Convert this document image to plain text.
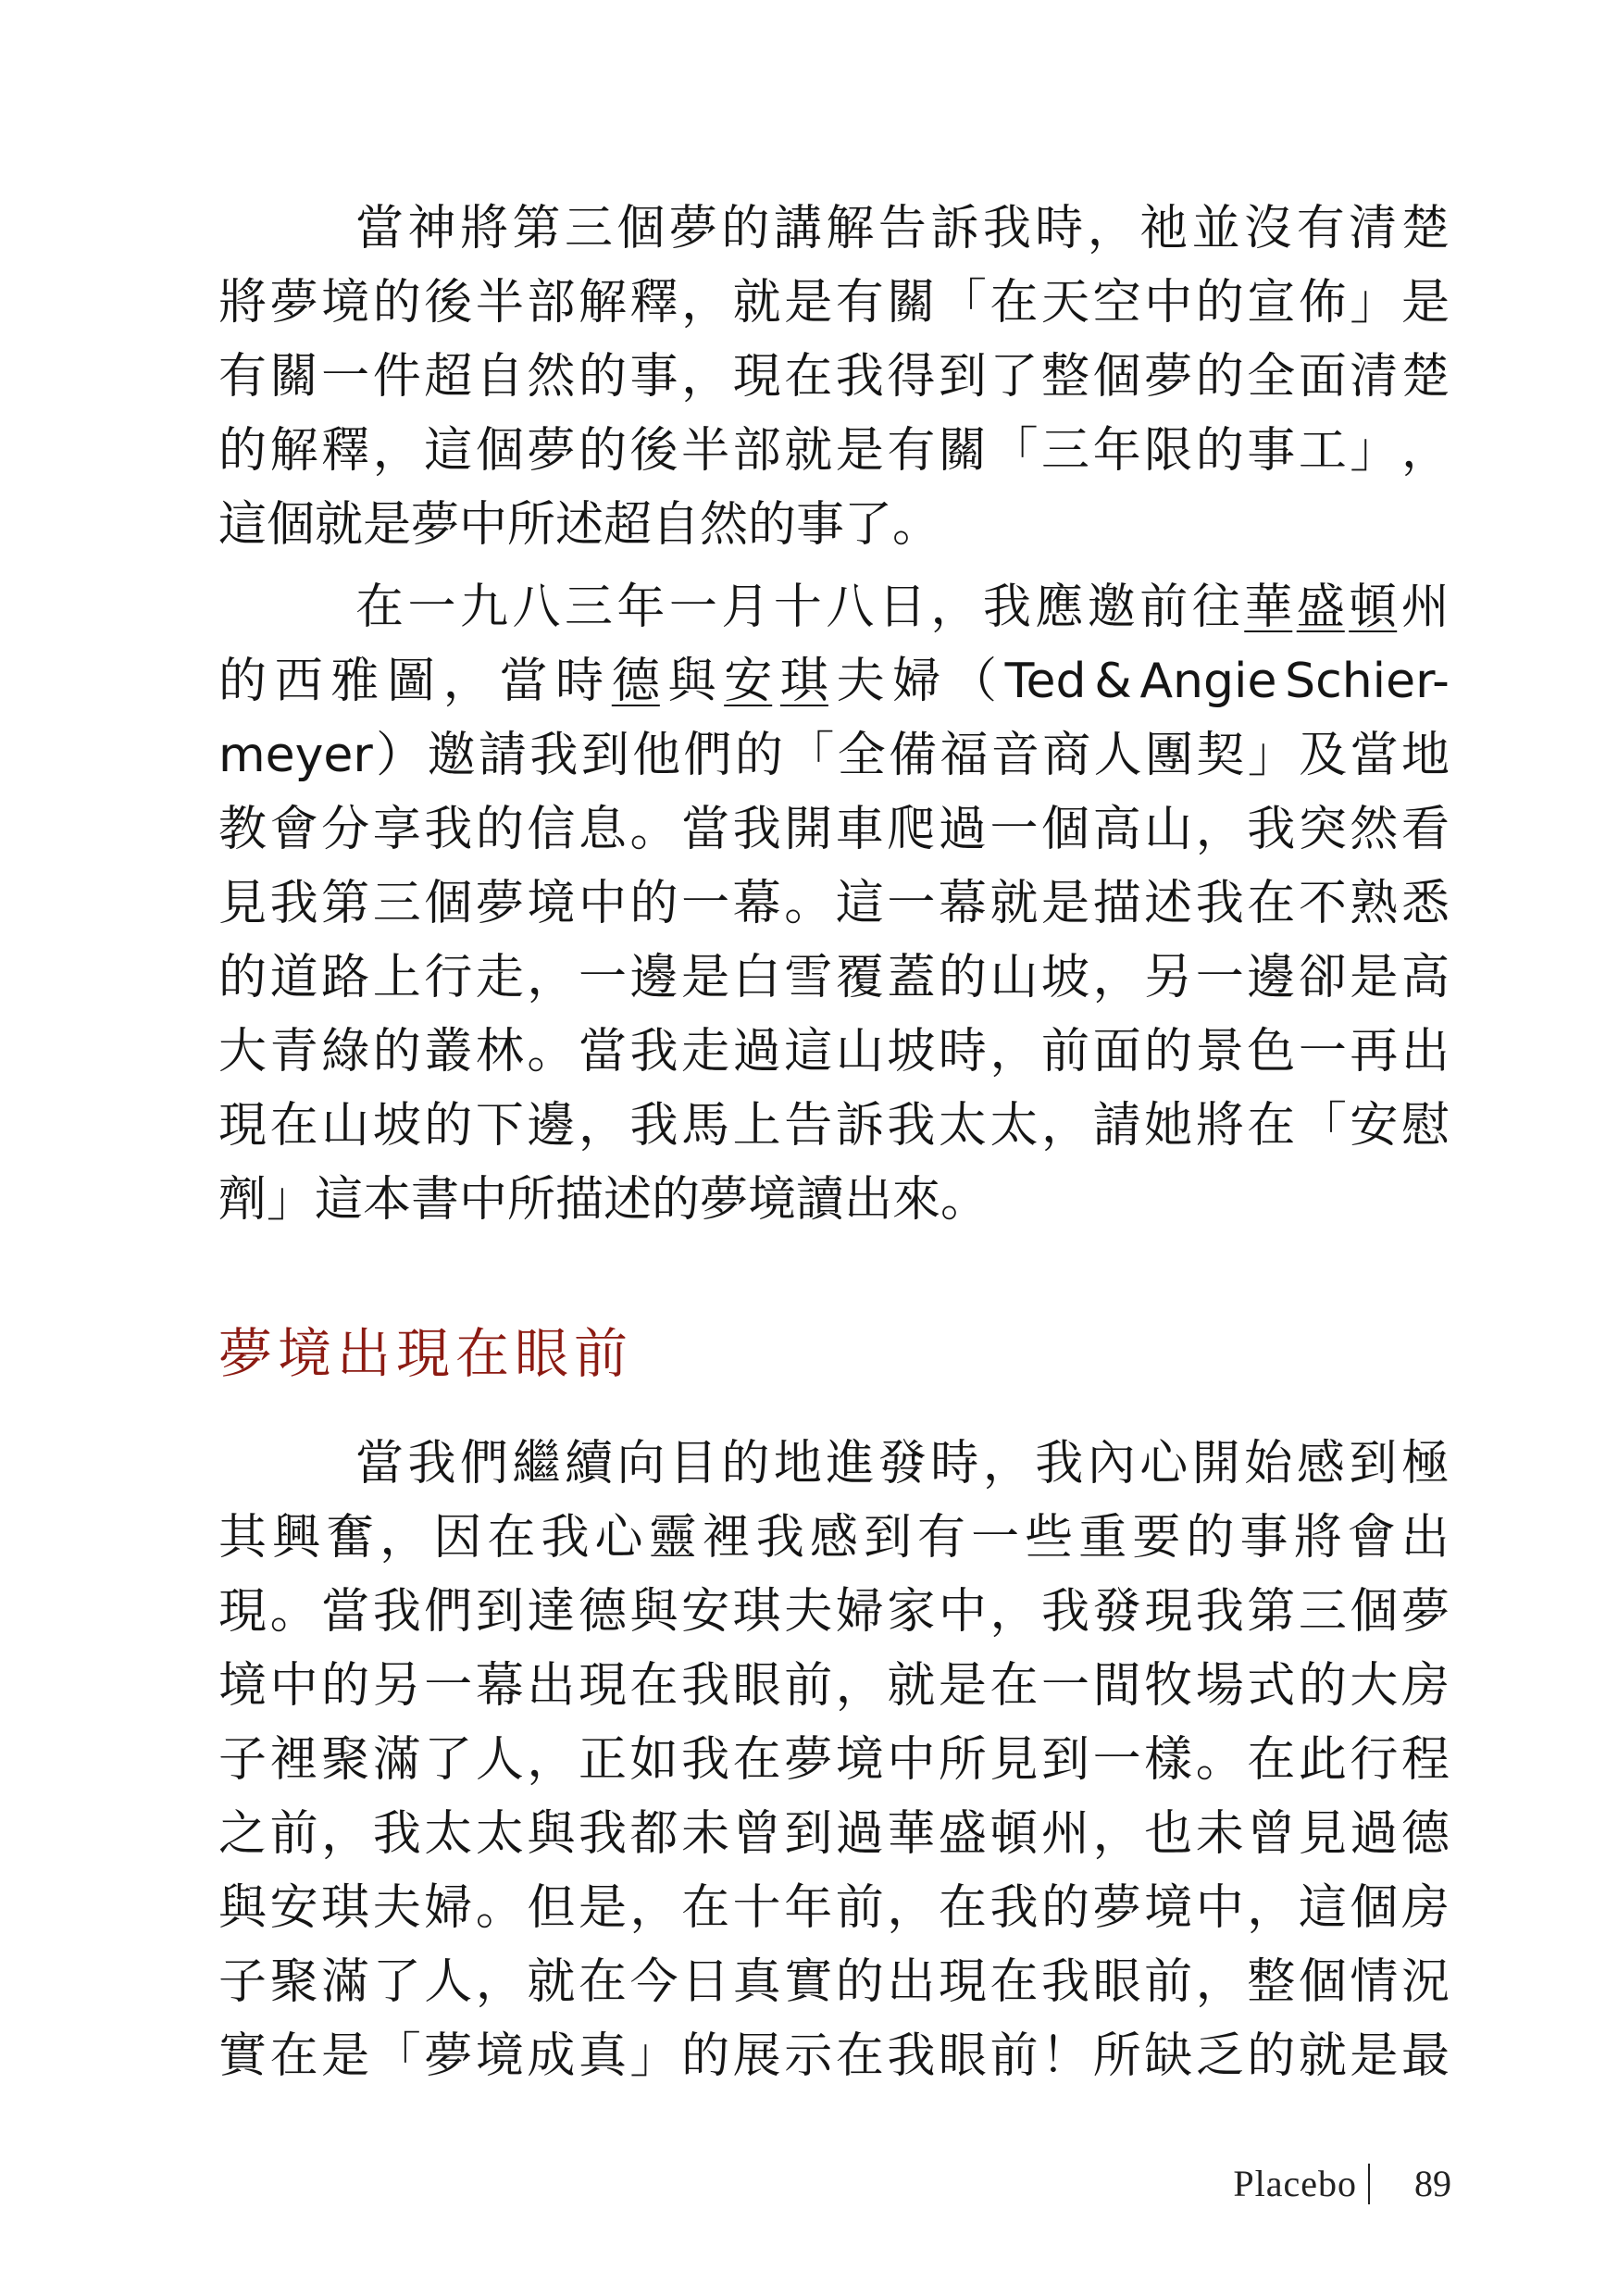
當 神 將 第 三 個 夢 的 講 解 告 訴 我 時 ， 祂 並 沒 有 清 楚
將 夢 境 的 後 半 部 解 釋 ， 就 是 有 關 「 在 天 空 中 的 宣 佈 」 是
有 關 一 件 超 自 然 的 事 ， 現 在 我 得 到 了 整 個 夢 的 全 面 清 楚
的 解 釋 ， 這 個 夢 的 後 半 部 就 是 有 關 「 三 年 限 的 事 工 」 ，
這個就是夢中所述超自然的事了。
在 一 九 八 三 年 一 月 十 八 日 ， 我 應 邀 前 往 華 盛 頓 州
的 西 雅 圖 ， 當 時 德 與 安 琪 夫 婦 （ Ted & Angie Schier-
meyer ） 邀 請 我 到 他 們 的 「 全 備 福 音 商 人 團 契 」 及 當 地
教 會 分 享 我 的 信 息 。 當 我 開 車 爬 過 一 個 高 山 ， 我 突 然 看
見 我 第 三 個 夢 境 中 的 一 幕 。 這 一 幕 就 是 描 述 我 在 不 熟 悉
的 道 路 上 行 走 ， 一 邊 是 白 雪 覆 蓋 的 山 坡 ， 另 一 邊 卻 是 高
大 青 綠 的 叢 林 。 當 我 走 過 這 山 坡 時 ， 前 面 的 景 色 一 再 出
現 在 山 坡 的 下 邊 ， 我 馬 上 告 訴 我 太 太 ， 請 她 將 在 「 安 慰
劑」這本書中所描述的夢境讀出來。
夢境出現在眼前
當 我 們 繼 續 向 目 的 地 進 發 時 ， 我 內 心 開 始 感 到 極
其 興 奮 ， 因 在 我 心 靈 裡 我 感 到 有 一 些 重 要 的 事 將 會 出
現 。 當 我 們 到 達 德 與 安 琪 夫 婦 家 中 ， 我 發 現 我 第 三 個 夢
境 中 的 另 一 幕 出 現 在 我 眼 前 ， 就 是 在 一 間 牧 場 式 的 大 房
子 裡 聚 滿 了 人 ， 正 如 我 在 夢 境 中 所 見 到 一 樣 。 在 此 行 程
之 前 ， 我 太 太 與 我 都 未 曾 到 過 華 盛 頓 州 ， 也 未 曾 見 過 德
與 安 琪 夫 婦 。 但 是 ， 在 十 年 前 ， 在 我 的 夢 境 中 ， 這 個 房
子 聚 滿 了 人 ， 就 在 今 日 真 實 的 出 現 在 我 眼 前 ， 整 個 情 況
實 在 是 「 夢 境 成 真 」 的 展 示 在 我 眼 前 ！ 所 缺 乏 的 就 是 最
Placebo 89
